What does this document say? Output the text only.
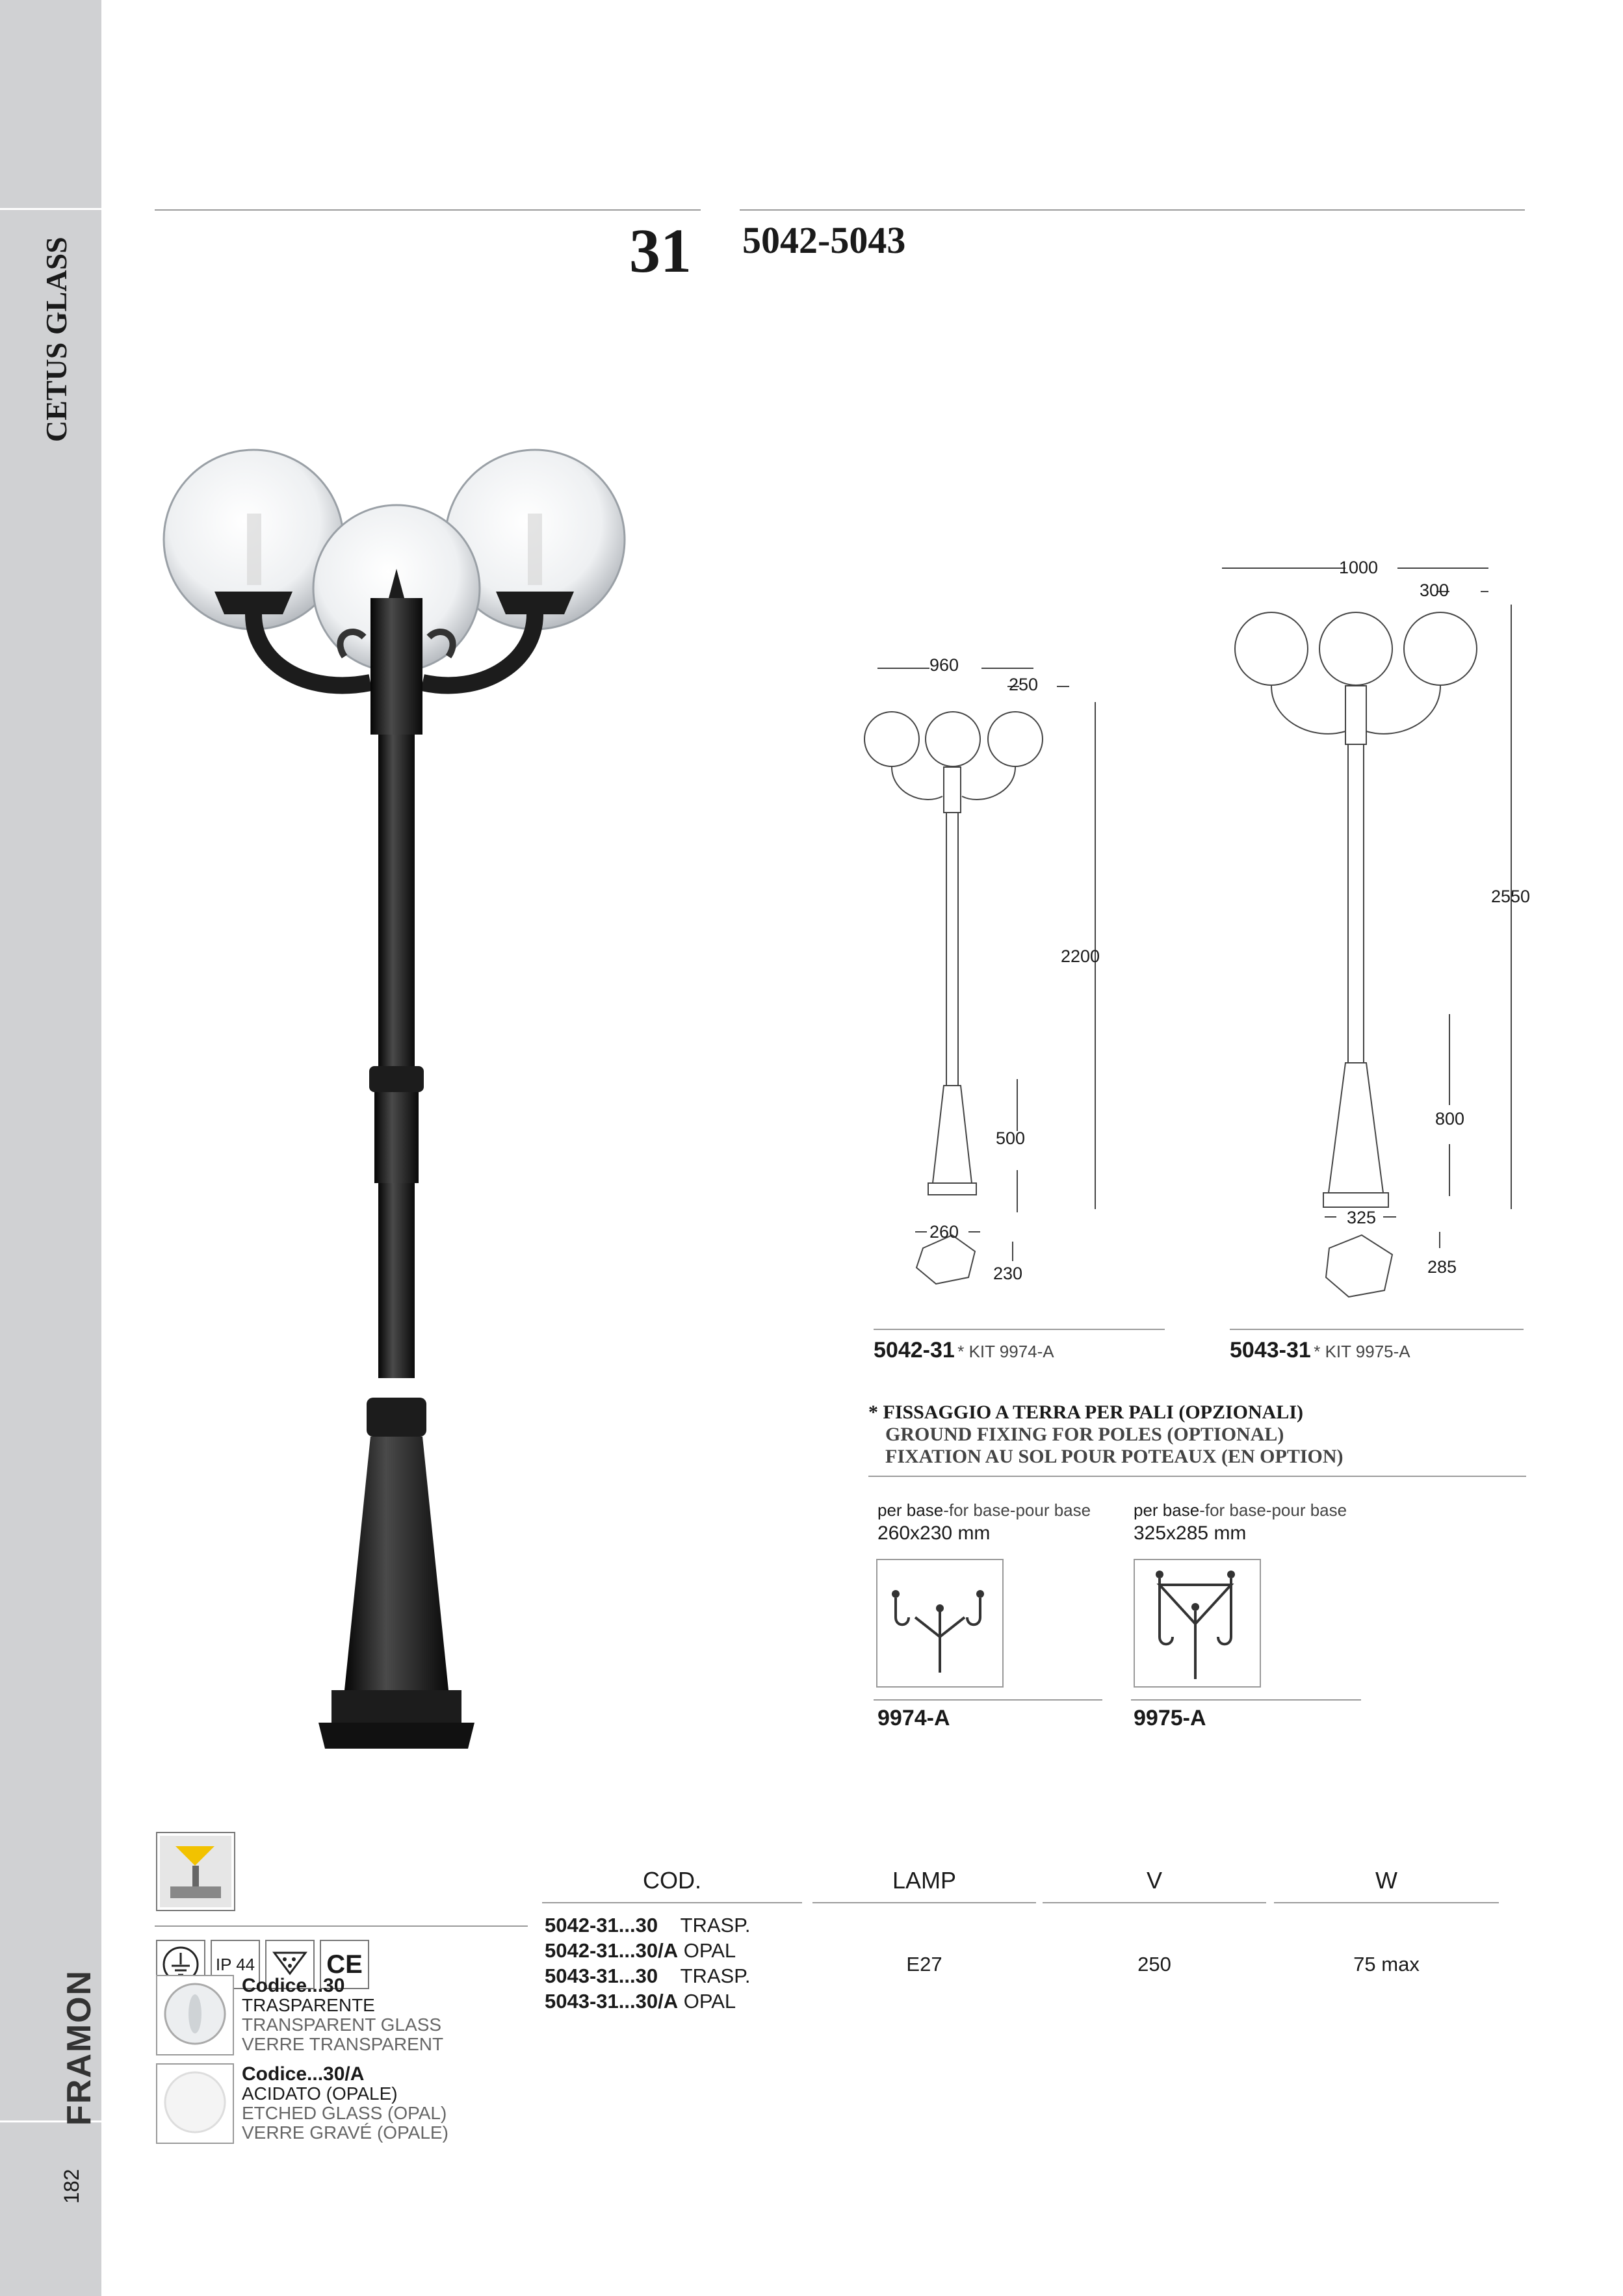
CETUS GLASS
FRAMON
182
31 5042-5043
960
250
2200
500
260
230
1000
300
2550
800
325
285
5042-31 * KIT 9974-A	5043-31 * KIT 9975-A
* FISSAGGIO A TERRA PER PALI (OPZIONALI)
GROUND FIXING FOR POLES (OPTIONAL)
FIXATION AU SOL POUR POTEAUX (EN OPTION)
per base-for base-pour base
260x230 mm
per base-for base-pour base
325x285 mm
9974-A	9975-A
IP 44	CE
Codice...30
TRASPARENTE
TRANSPARENT GLASS
VERRE TRANSPARENT
Codice...30/A
ACIDATO (OPALE)
ETCHED GLASS (OPAL)
VERRE GRAVÉ (OPALE)
COD.	LAMP	V	W
5042-31...30 TRASP.
5042-31...30/A OPAL
5043-31...30 TRASP.
5043-31...30/A OPAL
E27	250	75 max
